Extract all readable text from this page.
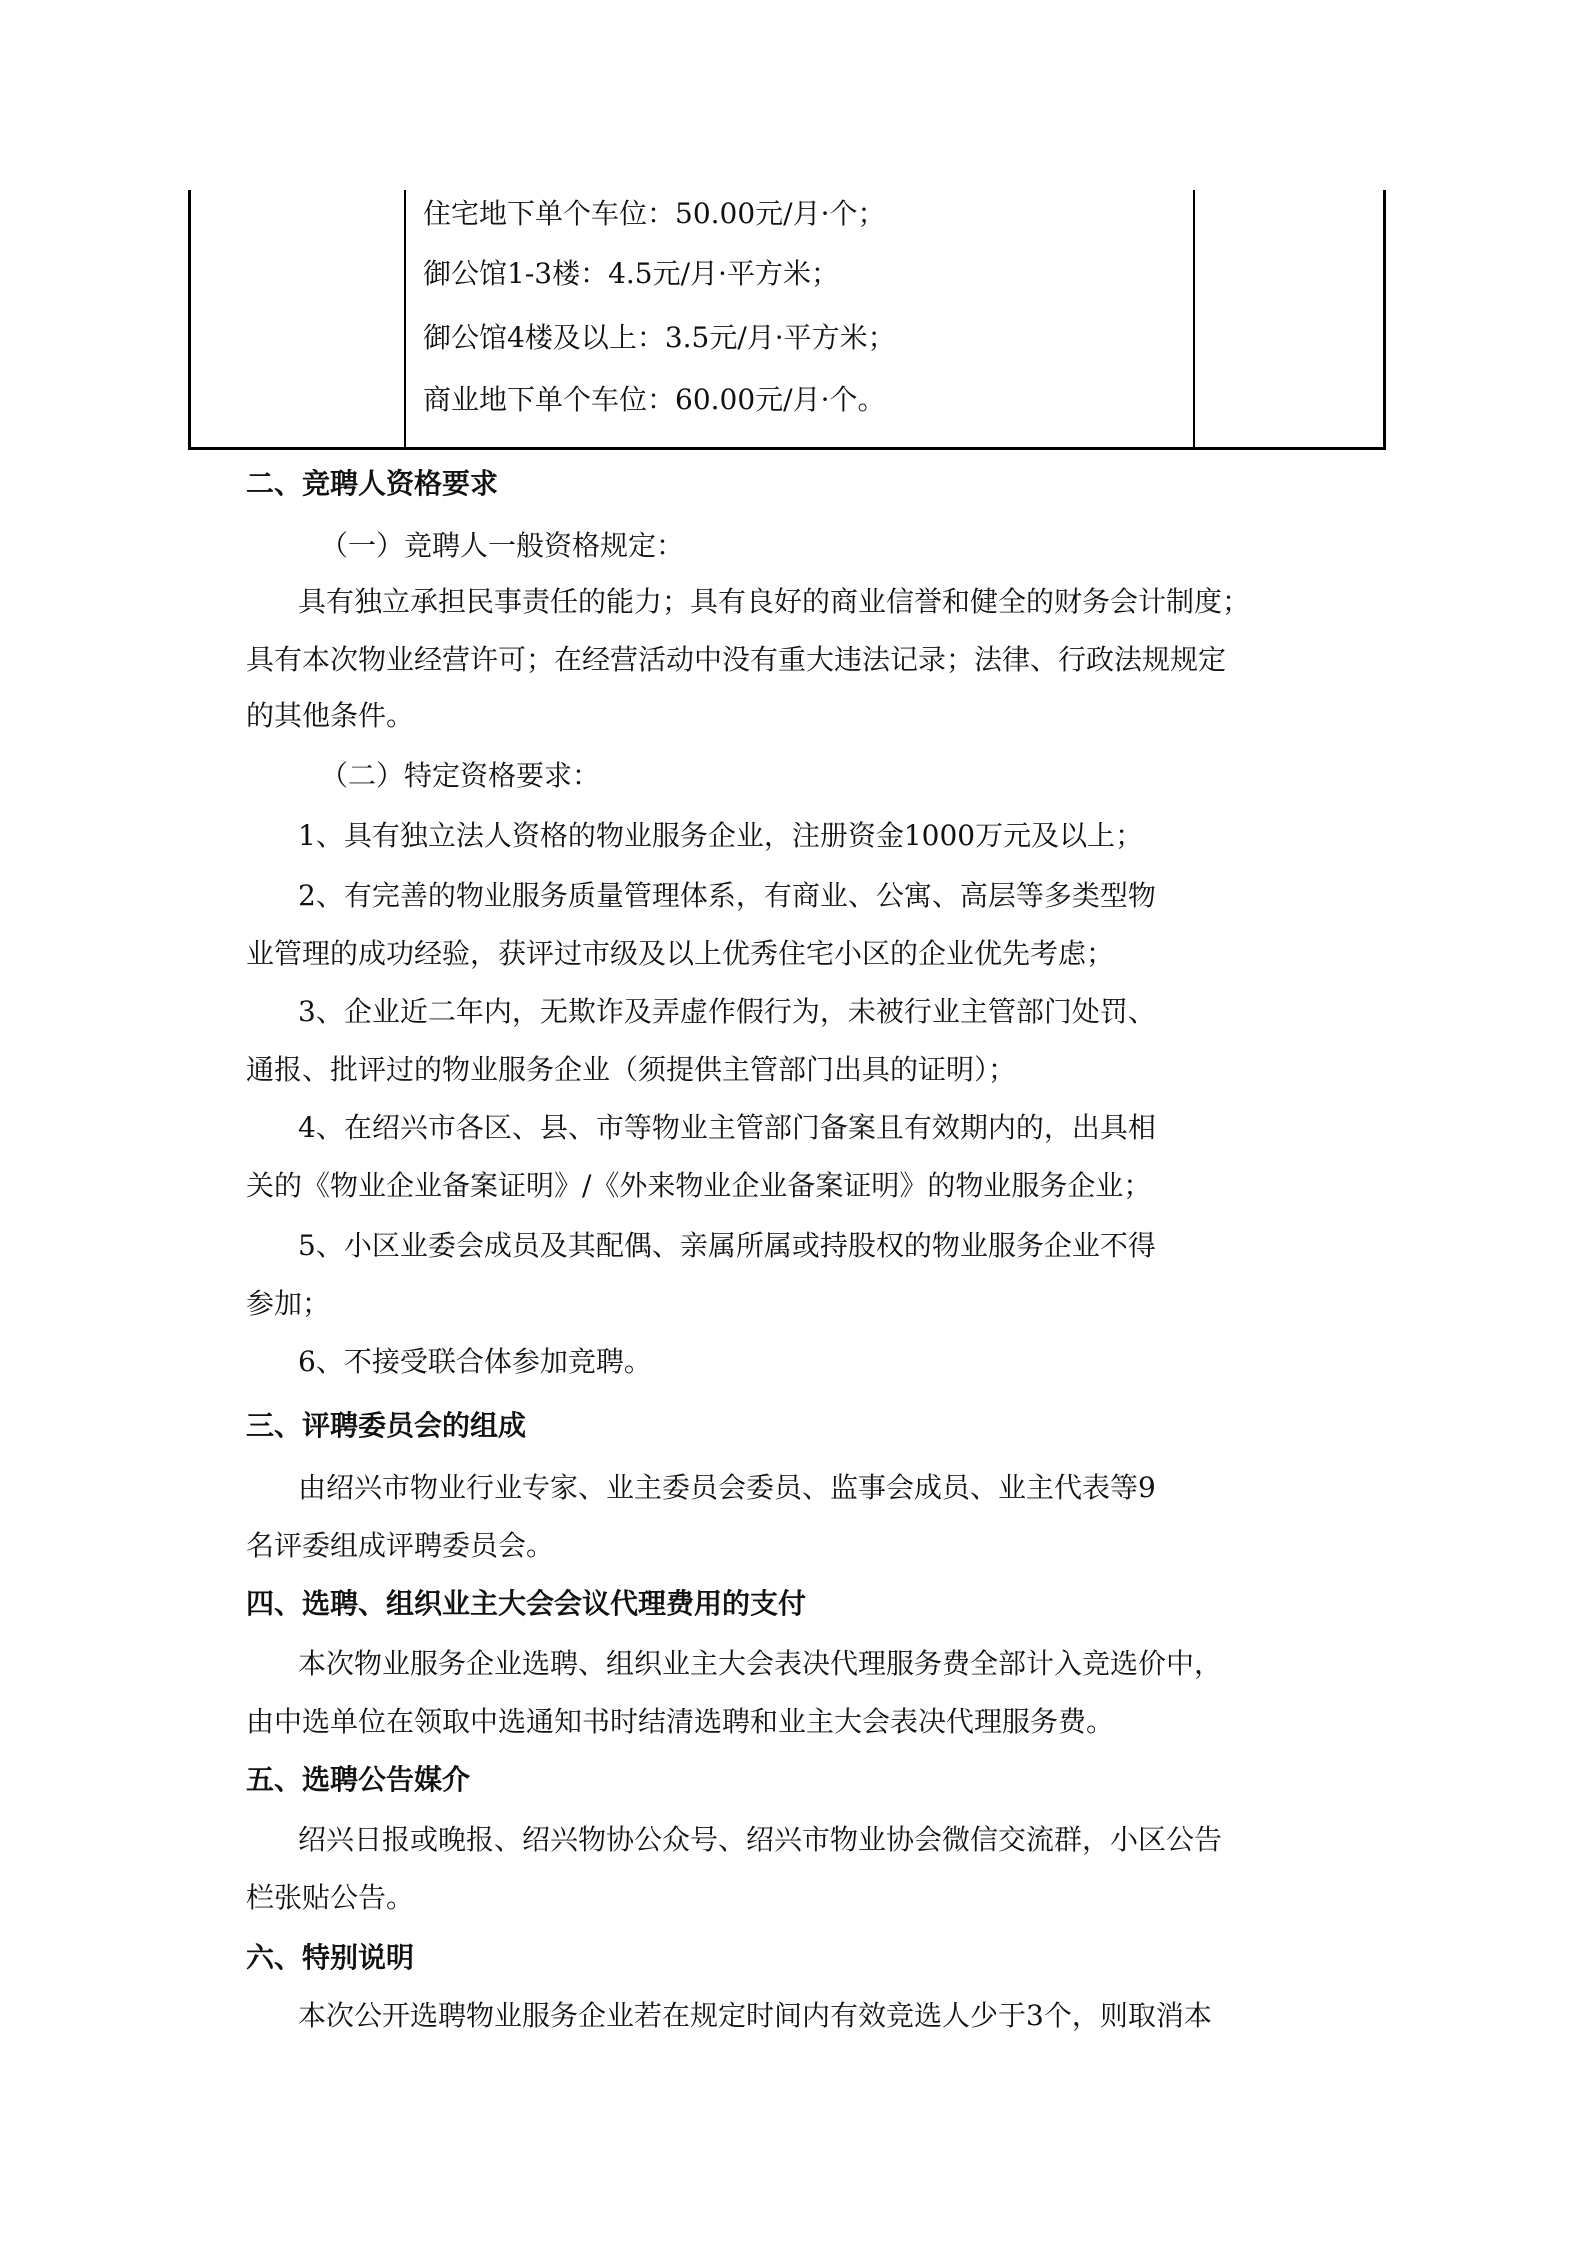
住宅地下单个车位：50.00元/月·个；

御公馆1-3楼：4.5元/月·平方米；

御公馆4楼及以上：3.5元/月·平方米；

商业地下单个车位：60.00元/月·个。

二、竞聘人资格要求

（一）竞聘人一般资格规定：

具有独立承担民事责任的能力；具有良好的商业信誉和健全的财务会计制度；

具有本次物业经营许可；在经营活动中没有重大违法记录；法律、行政法规规定

的其他条件。

（二）特定资格要求：

1、具有独立法人资格的物业服务企业，注册资金1000万元及以上；

2、有完善的物业服务质量管理体系，有商业、公寓、高层等多类型物

业管理的成功经验，获评过市级及以上优秀住宅小区的企业优先考虑；

3、企业近二年内，无欺诈及弄虚作假行为，未被行业主管部门处罚、

通报、批评过的物业服务企业（须提供主管部门出具的证明）；

4、在绍兴市各区、县、市等物业主管部门备案且有效期内的，出具相

关的《物业企业备案证明》/《外来物业企业备案证明》的物业服务企业；

5、小区业委会成员及其配偶、亲属所属或持股权的物业服务企业不得

参加；

6、不接受联合体参加竞聘。

三、评聘委员会的组成

由绍兴市物业行业专家、业主委员会委员、监事会成员、业主代表等9

名评委组成评聘委员会。

四、选聘、组织业主大会会议代理费用的支付

本次物业服务企业选聘、组织业主大会表决代理服务费全部计入竞选价中，

由中选单位在领取中选通知书时结清选聘和业主大会表决代理服务费。

五、选聘公告媒介

绍兴日报或晚报、绍兴物协公众号、绍兴市物业协会微信交流群，小区公告

栏张贴公告。

六、特别说明

本次公开选聘物业服务企业若在规定时间内有效竞选人少于3个，则取消本
